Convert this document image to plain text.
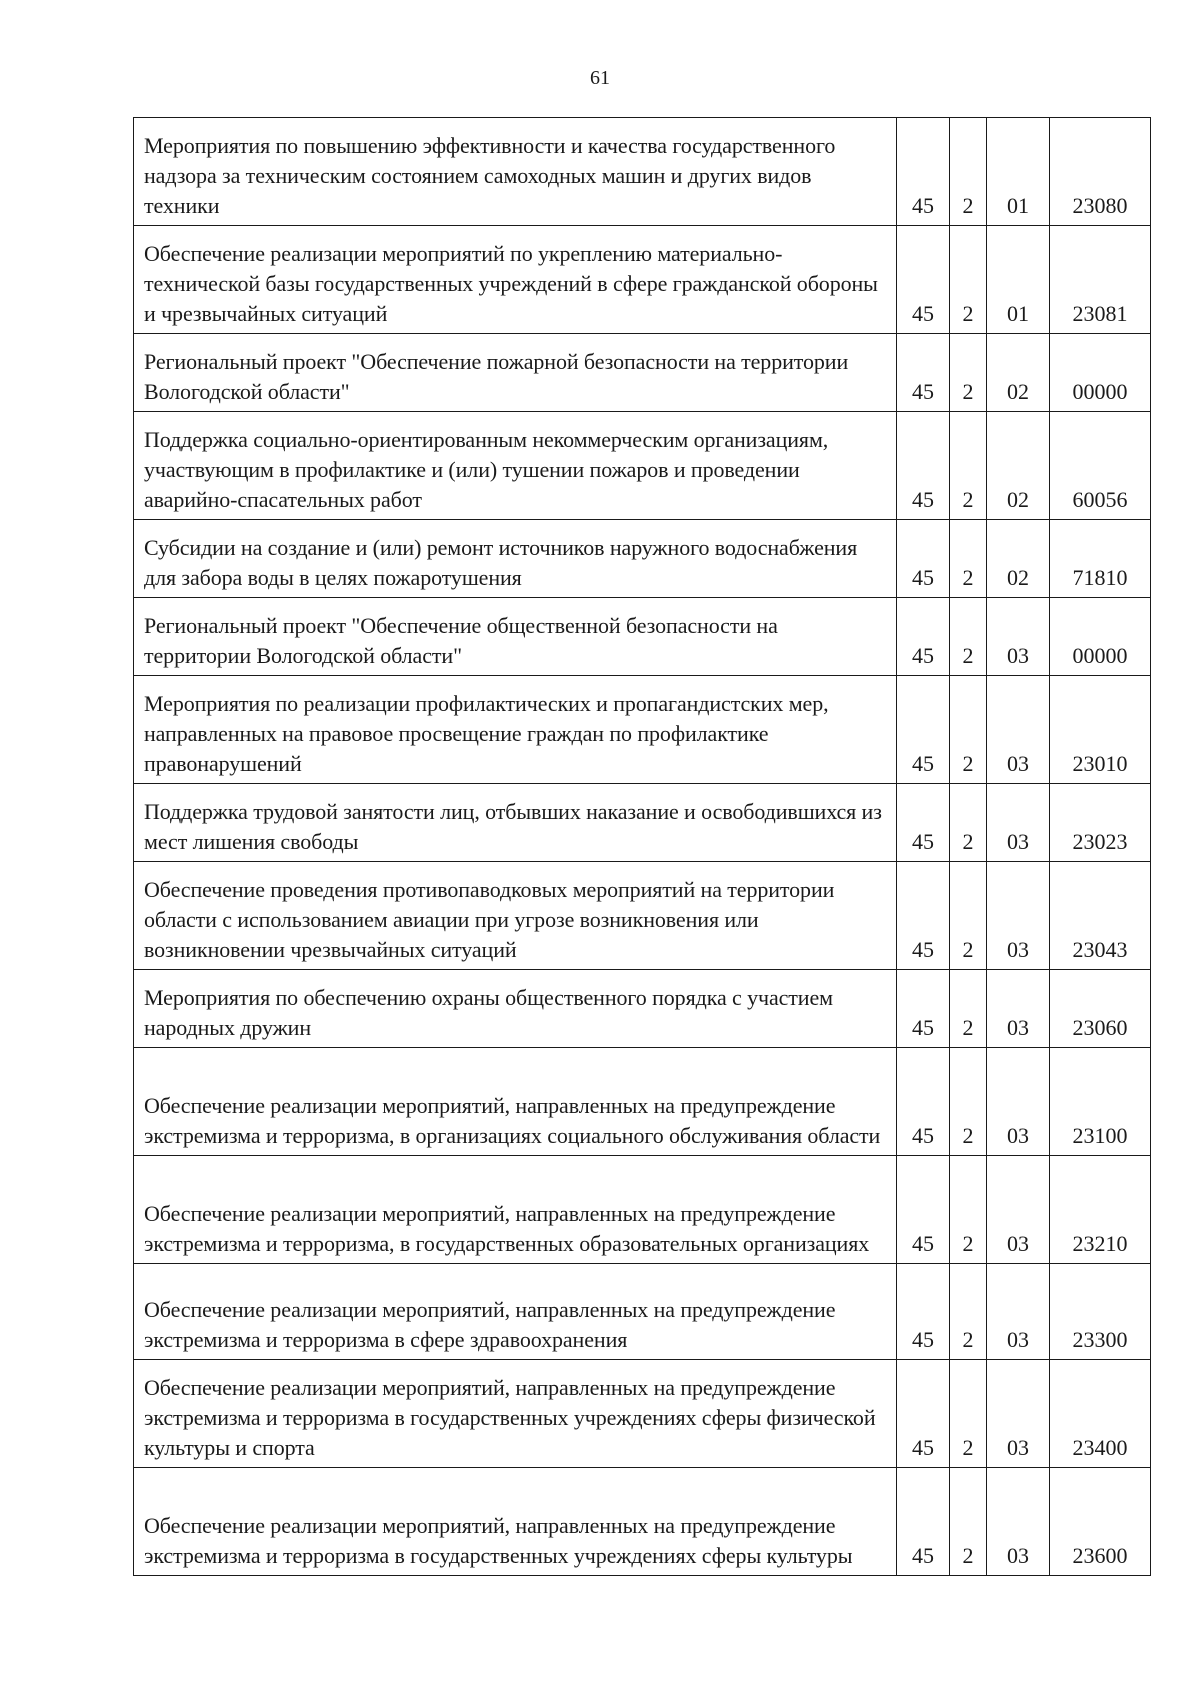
61
Мероприятия по повышению эффективности и качества государственного надзора за техническим состоянием самоходных машин и других видов техники	45	2	01	23080

Обеспечение реализации мероприятий по укреплению материально-технической базы государственных учреждений в сфере гражданской обороны и чрезвычайных ситуаций	45	2	01	23081

Региональный проект "Обеспечение пожарной безопасности на территории Вологодской области"	45	2	02	00000

Поддержка социально-ориентированным некоммерческим организациям, участвующим в профилактике и (или) тушении пожаров и проведении аварийно-спасательных работ	45	2	02	60056

Субсидии на создание и (или) ремонт источников наружного водоснабжения для забора воды в целях пожаротушения	45	2	02	71810

Региональный проект "Обеспечение общественной безопасности на территории Вологодской области"	45	2	03	00000

Мероприятия по реализации профилактических и пропагандистских мер, направленных на правовое просвещение граждан по профилактике правонарушений	45	2	03	23010

Поддержка трудовой занятости лиц, отбывших наказание и освободившихся из мест лишения свободы	45	2	03	23023

Обеспечение проведения противопаводковых мероприятий на территории области с использованием авиации при угрозе возникновения или возникновении чрезвычайных ситуаций	45	2	03	23043

Мероприятия по обеспечению охраны общественного порядка с участием народных дружин	45	2	03	23060

Обеспечение реализации мероприятий, направленных на предупреждение экстремизма и терроризма, в организациях социального обслуживания области	45	2	03	23100

Обеспечение реализации мероприятий, направленных на предупреждение экстремизма и терроризма, в государственных образовательных организациях	45	2	03	23210

Обеспечение реализации мероприятий, направленных на предупреждение экстремизма и терроризма в сфере здравоохранения	45	2	03	23300

Обеспечение реализации мероприятий, направленных на предупреждение экстремизма и терроризма в государственных учреждениях сферы физической культуры и спорта	45	2	03	23400

Обеспечение реализации мероприятий, направленных на предупреждение экстремизма и терроризма в государственных учреждениях сферы культуры	45	2	03	23600
